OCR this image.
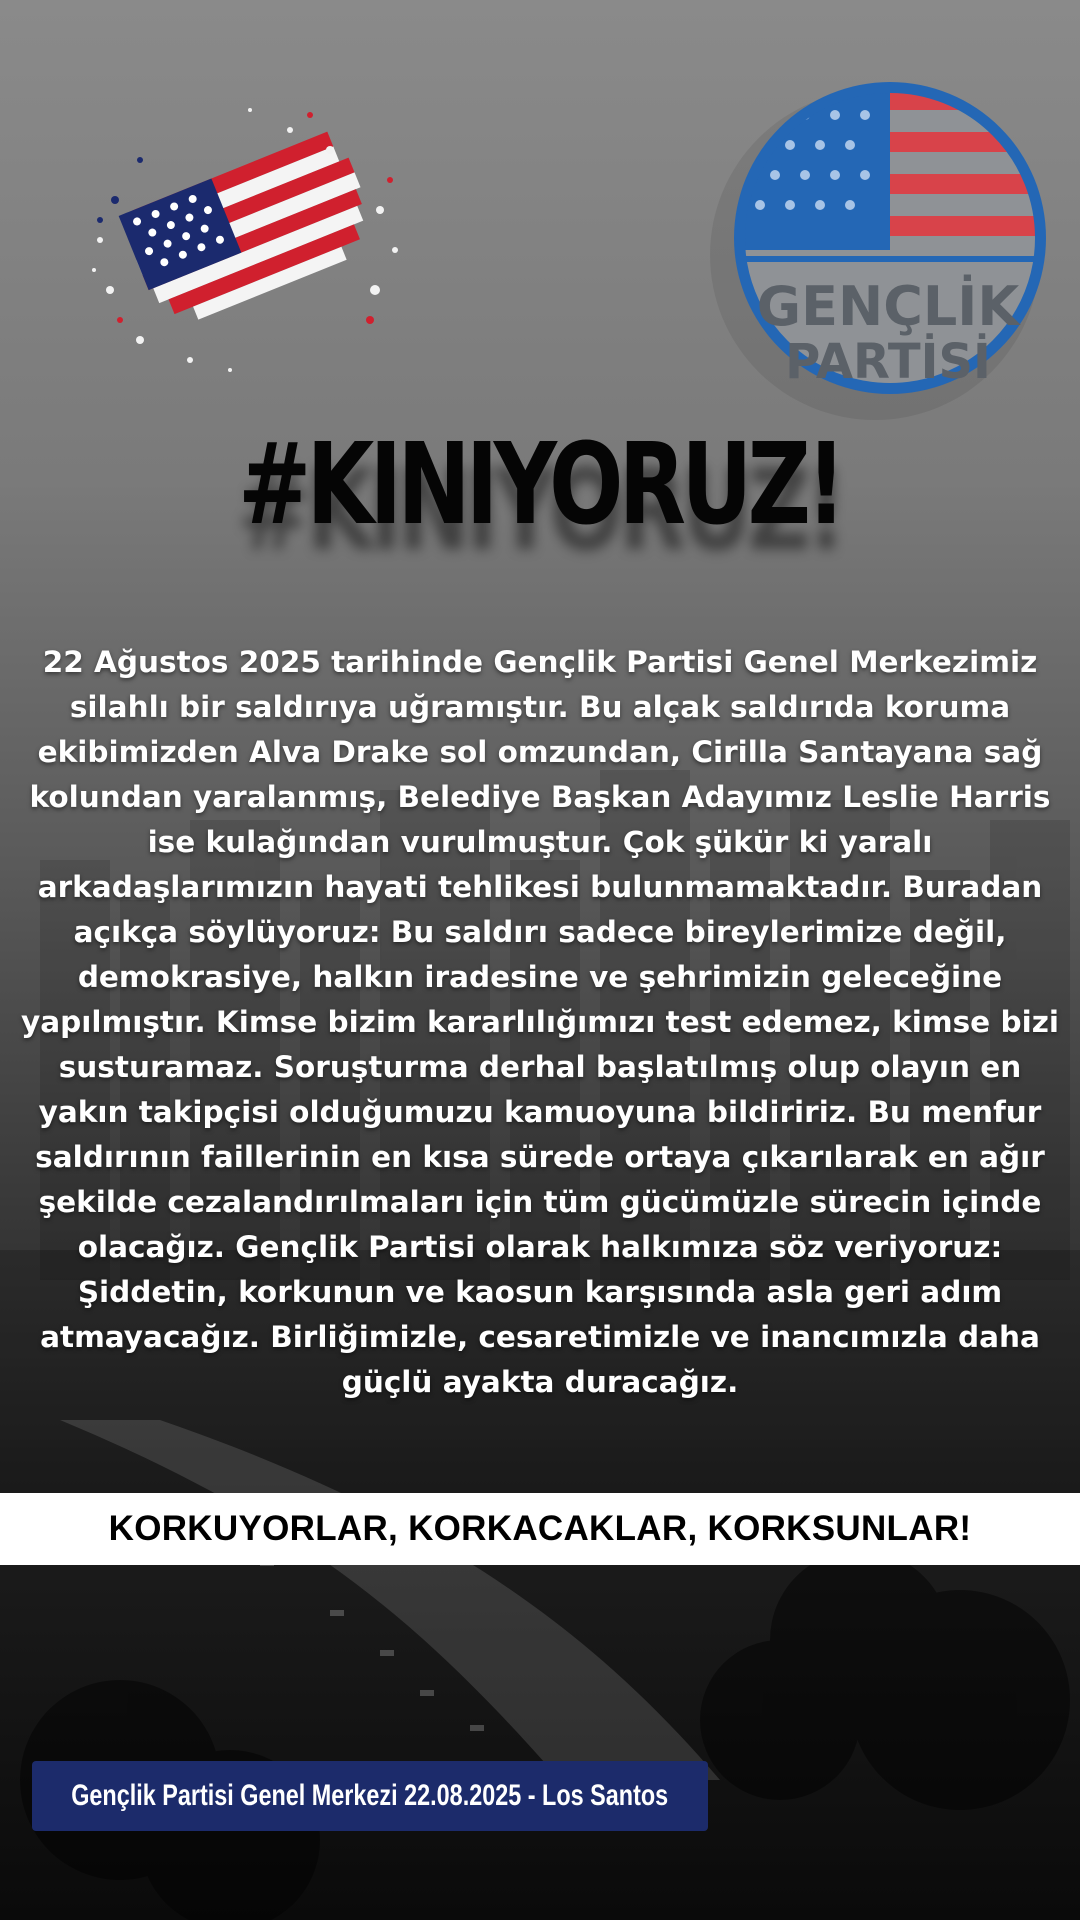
GENÇLİK
PARTİSİ
#KINIYORUZ!
22 Ağustos 2025 tarihinde Gençlik Partisi Genel Merkezimiz silahlı bir saldırıya uğramıştır. Bu alçak saldırıda koruma ekibimizden Alva Drake sol omzundan, Cirilla Santayana sağ kolundan yaralanmış, Belediye Başkan Adayımız Leslie Harris ise kulağından vurulmuştur. Çok şükür ki yaralı arkadaşlarımızın hayati tehlikesi bulunmamaktadır. Buradan açıkça söylüyoruz: Bu saldırı sadece bireylerimize değil, demokrasiye, halkın iradesine ve şehrimizin geleceğine yapılmıştır. Kimse bizim kararlılığımızı test edemez, kimse bizi susturamaz. Soruşturma derhal başlatılmış olup olayın en yakın takipçisi olduğumuzu kamuoyuna bildiririz. Bu menfur saldırının faillerinin en kısa sürede ortaya çıkarılarak en ağır şekilde cezalandırılmaları için tüm gücümüzle sürecin içinde olacağız. Gençlik Partisi olarak halkımıza söz veriyoruz: Şiddetin, korkunun ve kaosun karşısında asla geri adım atmayacağız. Birliğimizle, cesaretimizle ve inancımızla daha güçlü ayakta duracağız.
KORKUYORLAR, KORKACAKLAR, KORKSUNLAR!
Gençlik Partisi Genel Merkezi 22.08.2025 - Los Santos
